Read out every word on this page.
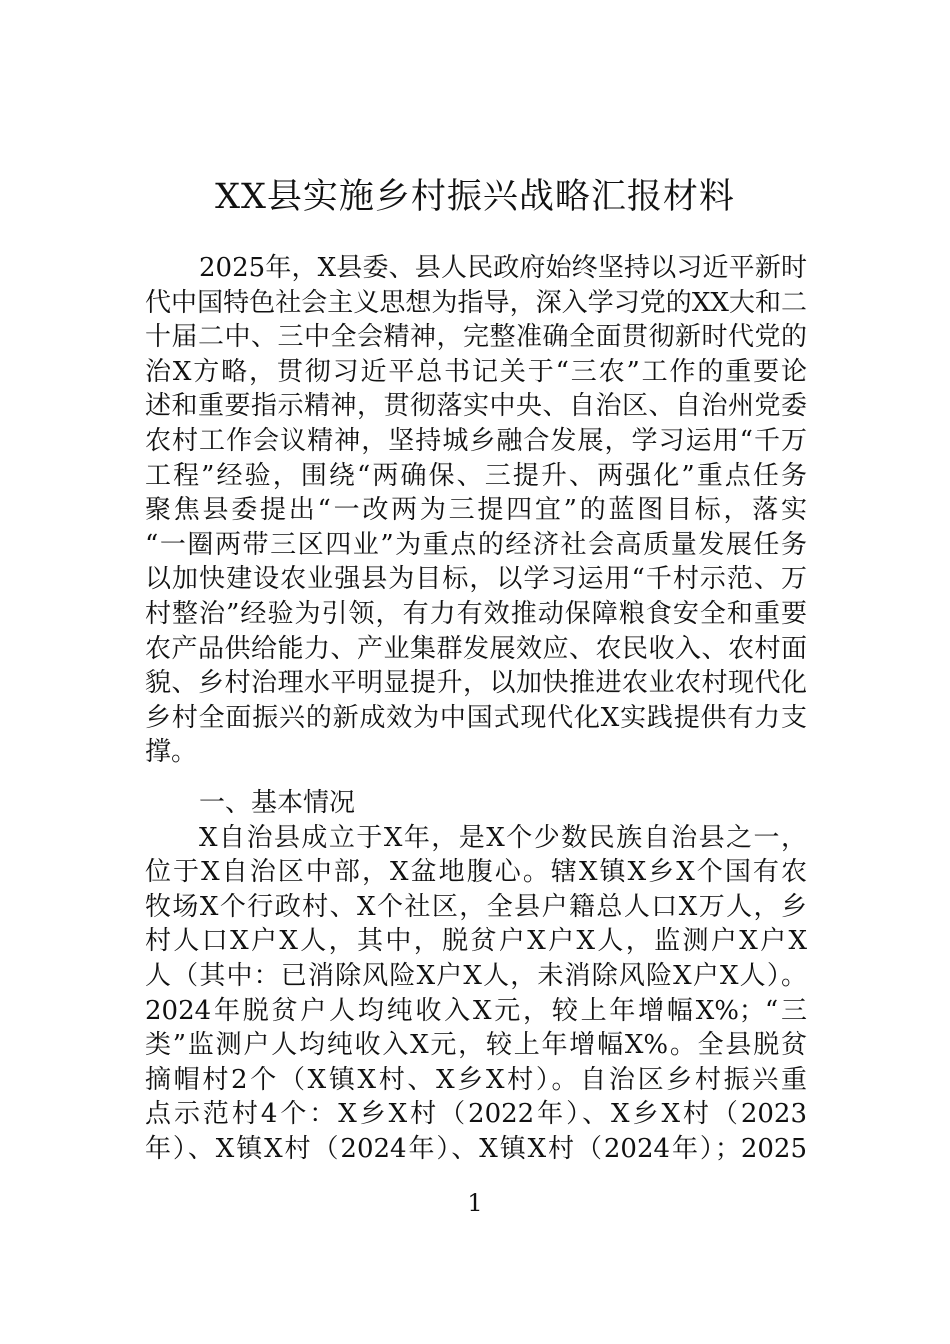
XX县实施乡村振兴战略汇报材料
2025年，X县委、县人民政府始终坚持以习近平新时
代中国特色社会主义思想为指导，深入学习党的XX大和二
十届二中、三中全会精神，完整准确全面贯彻新时代党的
治X方略，贯彻习近平总书记关于“三农”工作的重要论
述和重要指示精神，贯彻落实中央、自治区、自治州党委
农村工作会议精神，坚持城乡融合发展，学习运用“千万
工程”经验，围绕“两确保、三提升、两强化”重点任务
聚焦县委提出“一改两为三提四宜”的蓝图目标，落实
“一圈两带三区四业”为重点的经济社会高质量发展任务
以加快建设农业强县为目标，以学习运用“千村示范、万
村整治”经验为引领，有力有效推动保障粮食安全和重要
农产品供给能力、产业集群发展效应、农民收入、农村面
貌、乡村治理水平明显提升，以加快推进农业农村现代化
乡村全面振兴的新成效为中国式现代化X实践提供有力支
撑。
一、基本情况
X自治县成立于X年，是X个少数民族自治县之一，
位于X自治区中部，X盆地腹心。辖X镇X乡X个国有农
牧场X个行政村、X个社区，全县户籍总人口X万人，乡
村人口X户X人，其中，脱贫户X户X人，监测户X户X
人（其中：已消除风险X户X人，未消除风险X户X人）。
2024年脱贫户人均纯收入X元，较上年增幅X%；“三
类”监测户人均纯收入X元，较上年增幅X%。全县脱贫
摘帽村2个（X镇X村、X乡X村）。自治区乡村振兴重
点示范村4个：X乡X村（2022年）、X乡X村（2023
年）、X镇X村（2024年）、X镇X村（2024年）；2025
1
